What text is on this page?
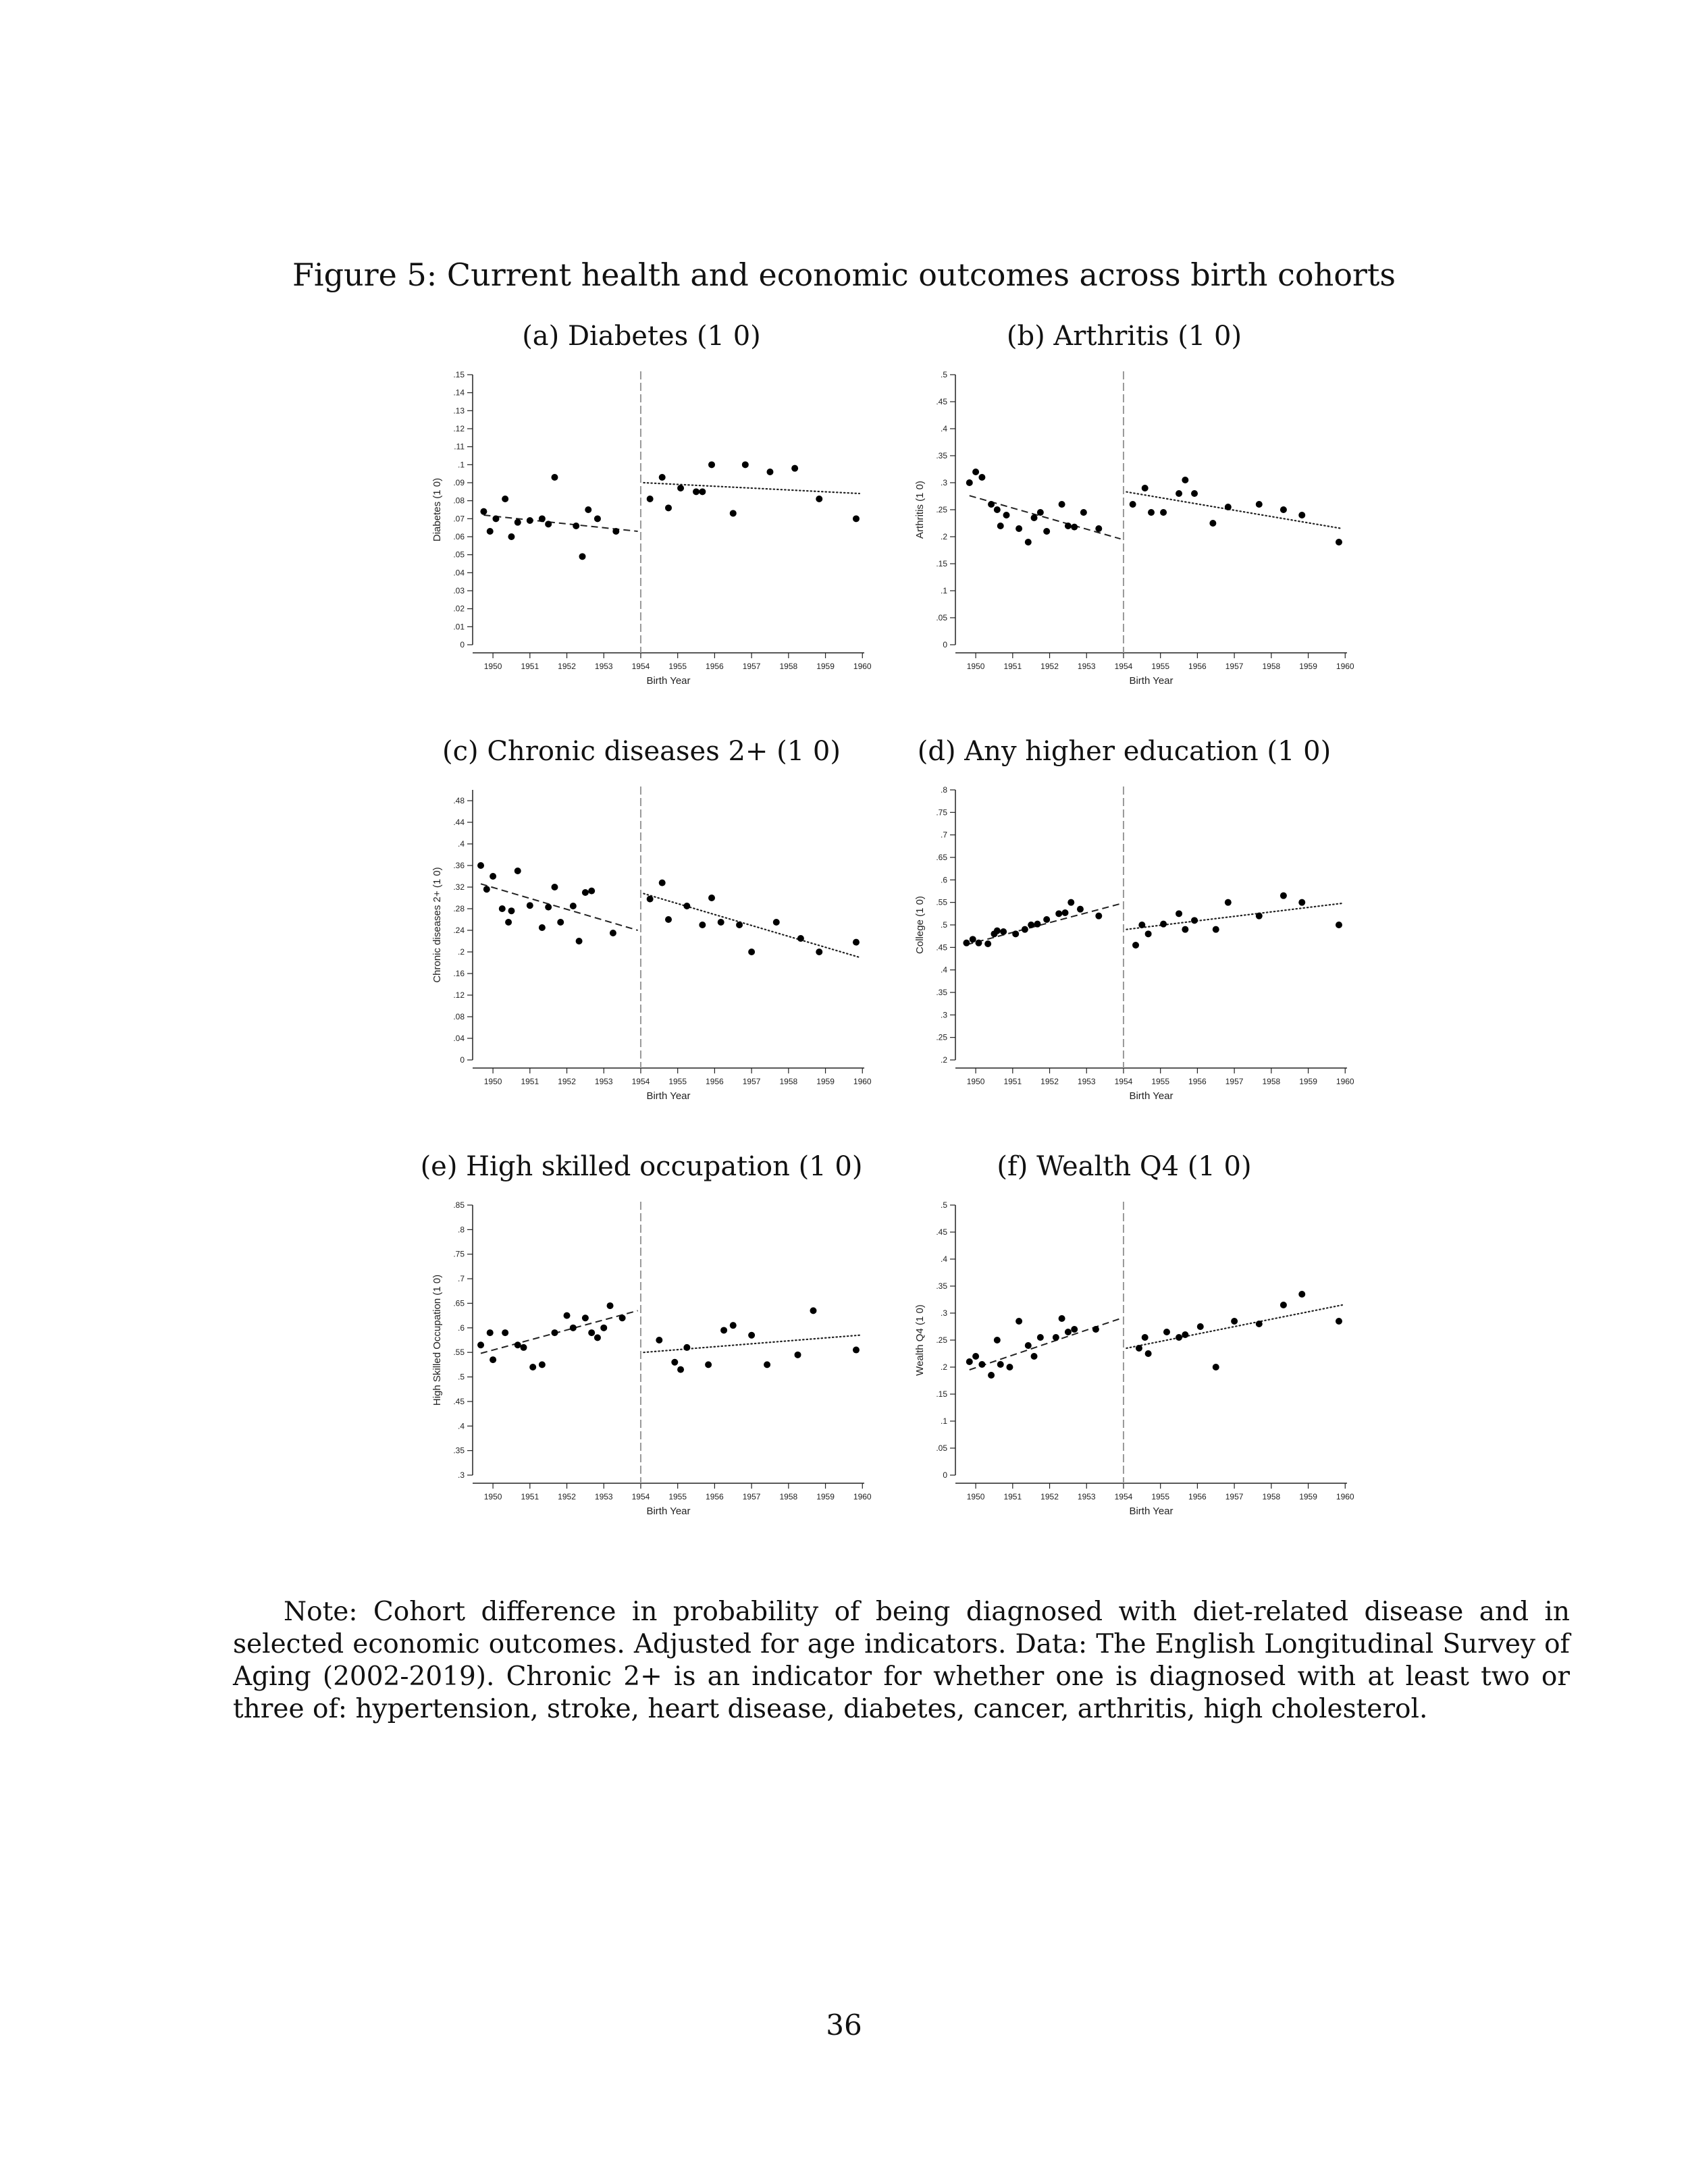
Figure 5: Current health and economic outcomes across birth cohorts
(a) Diabetes (1 0)
0
.01
.02
.03
.04
.05
.06
.07
.08
.09
.1
.11
.12
.13
.14
.15
1950 1951 1952 1953 1954 1955 1956 1957 1958 1959 1960
Birth Year
Diabetes (1 0)
(b) Arthritis (1 0)
0
.05
.1
.15
.2
.25
.3
.35
.4
.45
.5
1950 1951 1952 1953 1954 1955 1956 1957 1958 1959 1960
Birth Year
Arthritis (1 0)
(c) Chronic diseases 2+ (1 0)
0
.04
.08
.12
.16
.2
.24
.28
.32
.36
.4
.44
.48
1950 1951 1952 1953 1954 1955 1956 1957 1958 1959 1960
Birth Year
Chronic diseases 2+ (1 0)
(d) Any higher education (1 0)
.2
.25
.3
.35
.4
.45
.5
.55
.6
.65
.7
.75
.8
1950 1951 1952 1953 1954 1955 1956 1957 1958 1959 1960
Birth Year
College (1 0)
(e) High skilled occupation (1 0)
.3
.35
.4
.45
.5
.55
.6
.65
.7
.75
.8
.85
1950 1951 1952 1953 1954 1955 1956 1957 1958 1959 1960
Birth Year
High Skilled Occupation (1 0)
(f) Wealth Q4 (1 0)
0
.05
.1
.15
.2
.25
.3
.35
.4
.45
.5
1950 1951 1952 1953 1954 1955 1956 1957 1958 1959 1960
Birth Year
Wealth Q4 (1 0)

Note: Cohort difference in probability of being diagnosed with diet-related disease and in selected economic outcomes. Adjusted for age indicators. Data: The English Longitudinal Survey of Aging (2002-2019). Chronic 2+ is an indicator for whether one is diagnosed with at least two or three of: hypertension, stroke, heart disease, diabetes, cancer, arthritis, high cholesterol.

36
